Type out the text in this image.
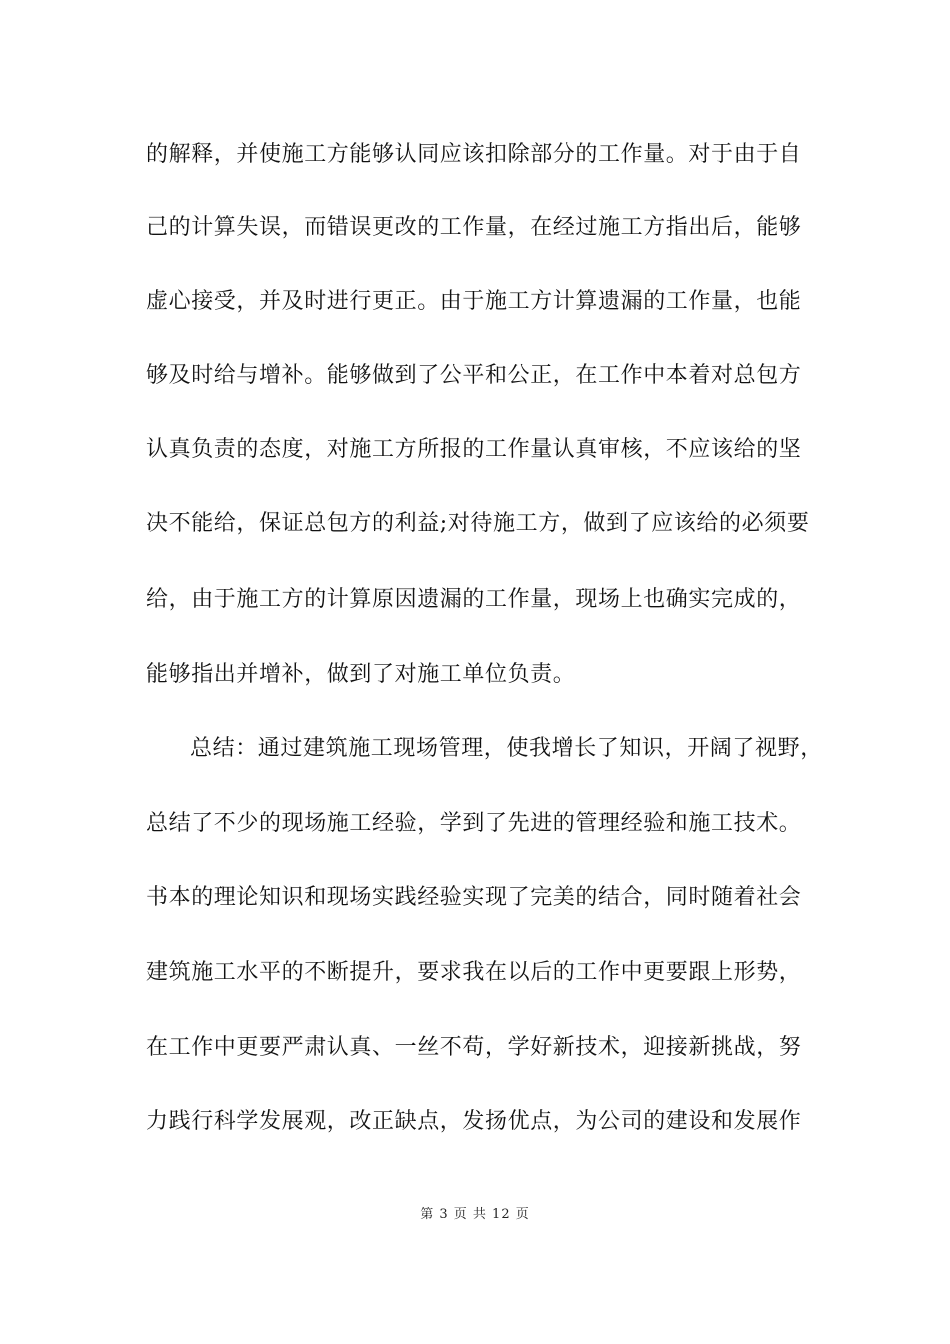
的解释，并使施工方能够认同应该扣除部分的工作量。对于由于自
己的计算失误，而错误更改的工作量，在经过施工方指出后，能够
虚心接受，并及时进行更正。由于施工方计算遗漏的工作量，也能
够及时给与增补。能够做到了公平和公正，在工作中本着对总包方
认真负责的态度，对施工方所报的工作量认真审核，不应该给的坚
决不能给，保证总包方的利益;对待施工方，做到了应该给的必须要
给，由于施工方的计算原因遗漏的工作量，现场上也确实完成的，
能够指出并增补，做到了对施工单位负责。
总结：通过建筑施工现场管理，使我增长了知识，开阔了视野，
总结了不少的现场施工经验，学到了先进的管理经验和施工技术。
书本的理论知识和现场实践经验实现了完美的结合，同时随着社会
建筑施工水平的不断提升，要求我在以后的工作中更要跟上形势，
在工作中更要严肃认真、一丝不苟，学好新技术，迎接新挑战，努
力践行科学发展观，改正缺点，发扬优点，为公司的建设和发展作
第 3 页 共 12 页
